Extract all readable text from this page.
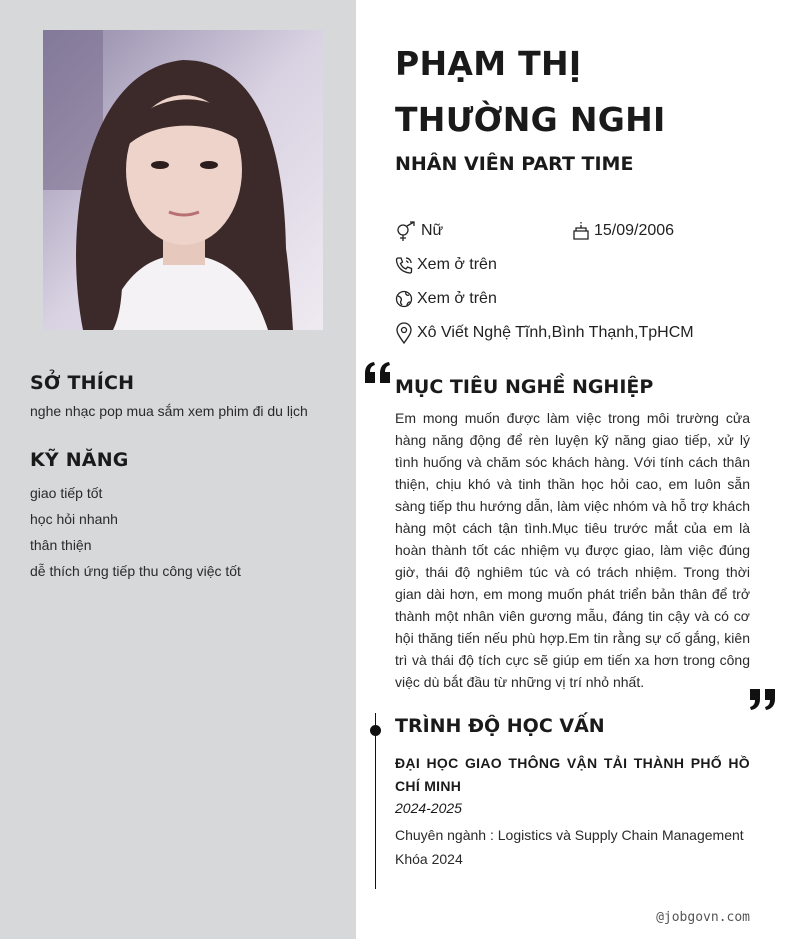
SỞ THÍCH
nghe nhạc pop mua sắm xem phim đi du lịch
KỸ NĂNG
giao tiếp tốt
học hỏi nhanh
thân thiện
dễ thích ứng tiếp thu công việc tốt
PHẠM THỊ THƯỜNG NGHI
NHÂN VIÊN PART TIME
Nữ	15/09/2006
Xem ở trên
Xem ở trên
Xô Viết Nghệ Tĩnh,Bình Thạnh,TpHCM
MỤC TIÊU NGHỀ NGHIỆP

Em mong muốn được làm việc trong môi trường cửa hàng năng động để rèn luyện kỹ năng giao tiếp, xử lý tình huống và chăm sóc khách hàng. Với tính cách thân thiện, chịu khó và tinh thần học hỏi cao, em luôn sẵn sàng tiếp thu hướng dẫn, làm việc nhóm và hỗ trợ khách hàng một cách tận tình.Mục tiêu trước mắt của em là hoàn thành tốt các nhiệm vụ được giao, làm việc đúng giờ, thái độ nghiêm túc và có trách nhiệm. Trong thời gian dài hơn, em mong muốn phát triển bản thân để trở thành một nhân viên gương mẫu, đáng tin cậy và có cơ hội thăng tiến nếu phù hợp.Em tin rằng sự cố gắng, kiên trì và thái độ tích cực sẽ giúp em tiến xa hơn trong công việc dù bắt đầu từ những vị trí nhỏ nhất.

TRÌNH ĐỘ HỌC VẤN

ĐẠI HỌC GIAO THÔNG VẬN TẢI THÀNH PHỐ HỒ CHÍ MINH

2024-2025
Chuyên ngành : Logistics và Supply Chain Management
Khóa 2024
@jobgovn.com
